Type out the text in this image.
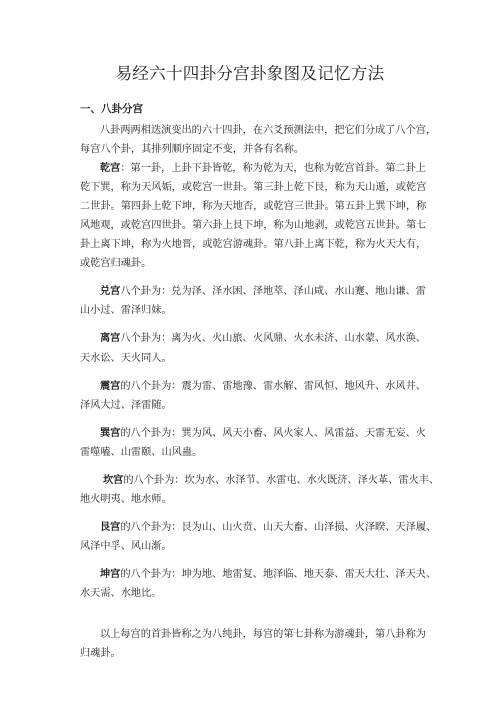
易经六十四卦分宫卦象图及记忆方法
一、八卦分宫
八卦两两相迭演变出的六十四卦，在六爻预测法中，把它们分成了八个宫，
每宫八个卦，其排列顺序固定不变，并各有名称。
乾宫：第一卦，上卦下卦皆乾，称为乾为天，也称为乾宫首卦。第二卦上
乾下巽，称为天风姤，或乾宫一世卦。第三卦上乾下艮，称为天山遁，或乾宫
二世卦。第四卦上乾下坤，称为天地否，或乾宫三世卦。第五卦上巽下坤，称
风地观，或乾宫四世卦。第六卦上艮下坤，称为山地剥，或乾宫五世卦。第七
卦上离下坤，称为火地晋，或乾宫游魂卦。第八卦上离下乾，称为火天大有，
或乾宫归魂卦。
兑宫八个卦为：兑为泽、泽水困、泽地萃、泽山咸、水山蹇、地山谦、雷
山小过、雷泽归妹。
离宫八个卦为：离为火、火山旅、火风鼎、火水未济、山水蒙、风水涣、
天水讼、天火同人。
震宫的八个卦为：震为雷、雷地豫、雷水解、雷风恒、地风升、水风井、
泽风大过、泽雷随。
巽宫的八个卦为：巽为风、风天小畜、风火家人、风雷益、天雷无妄、火
雷噬嗑、山雷颐、山风蛊。
坎宫的八个卦为：坎为水、水泽节、水雷屯、水火既济、泽火革、雷火丰、
地火明夷、地水师。
艮宫的八个卦为：艮为山、山火贲、山天大畜、山泽损、火泽睽、天泽履、
风泽中孚、风山渐。
坤宫的八个卦为：坤为地、地雷复、地泽临、地天泰、雷天大壮、泽天夬、
水天需、水地比。
以上每宫的首卦皆称之为八纯卦，每宫的第七卦称为游魂卦，第八卦称为
归魂卦。
